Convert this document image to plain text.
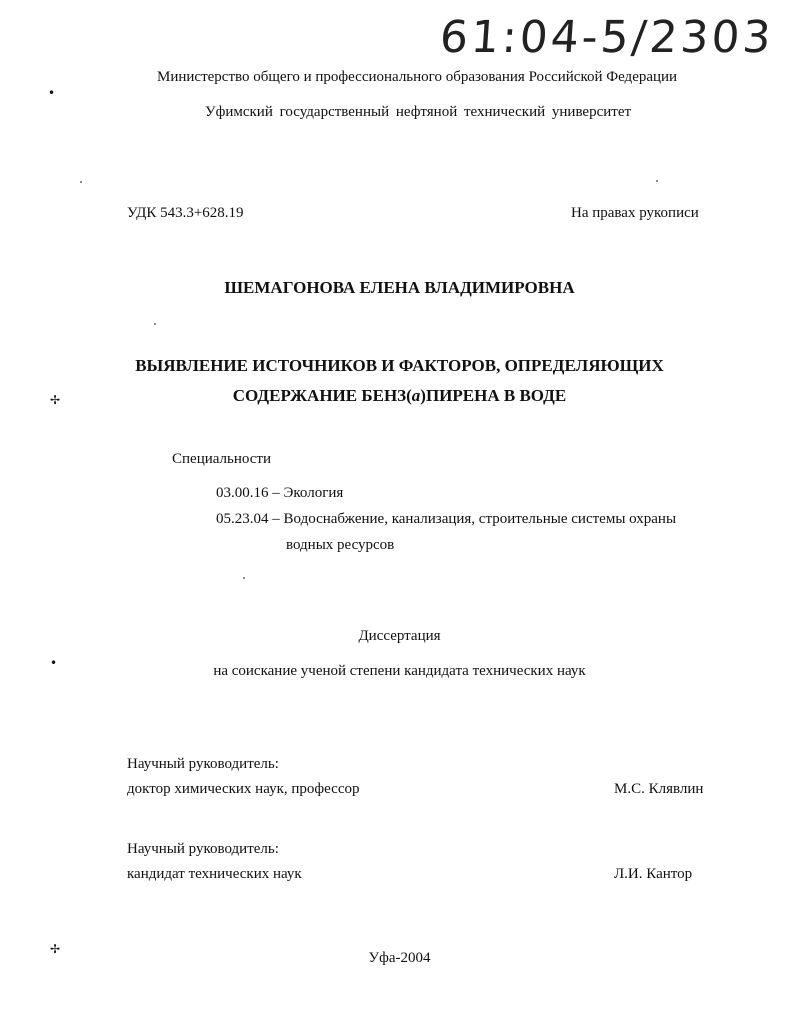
61:04-5/2303
•
✢
•
✢
Министерство общего и профессионального образования Российской Федерации
Уфимский государственный нефтяной технический университет
УДК 543.3+628.19	На правах рукописи
ШЕМАГОНОВА ЕЛЕНА ВЛАДИМИРОВНА
ВЫЯВЛЕНИЕ ИСТОЧНИКОВ И ФАКТОРОВ, ОПРЕДЕЛЯЮЩИХ
СОДЕРЖАНИЕ БЕНЗ(а)ПИРЕНА В ВОДЕ
Специальности
03.00.16 – Экология
05.23.04 – Водоснабжение, канализация, строительные системы охраны
водных ресурсов
Диссертация
на соискание ученой степени кандидата технических наук
Научный руководитель:
доктор химических наук, профессор	М.С. Клявлин
Научный руководитель:
кандидат технических наук	Л.И. Кантор
Уфа-2004
